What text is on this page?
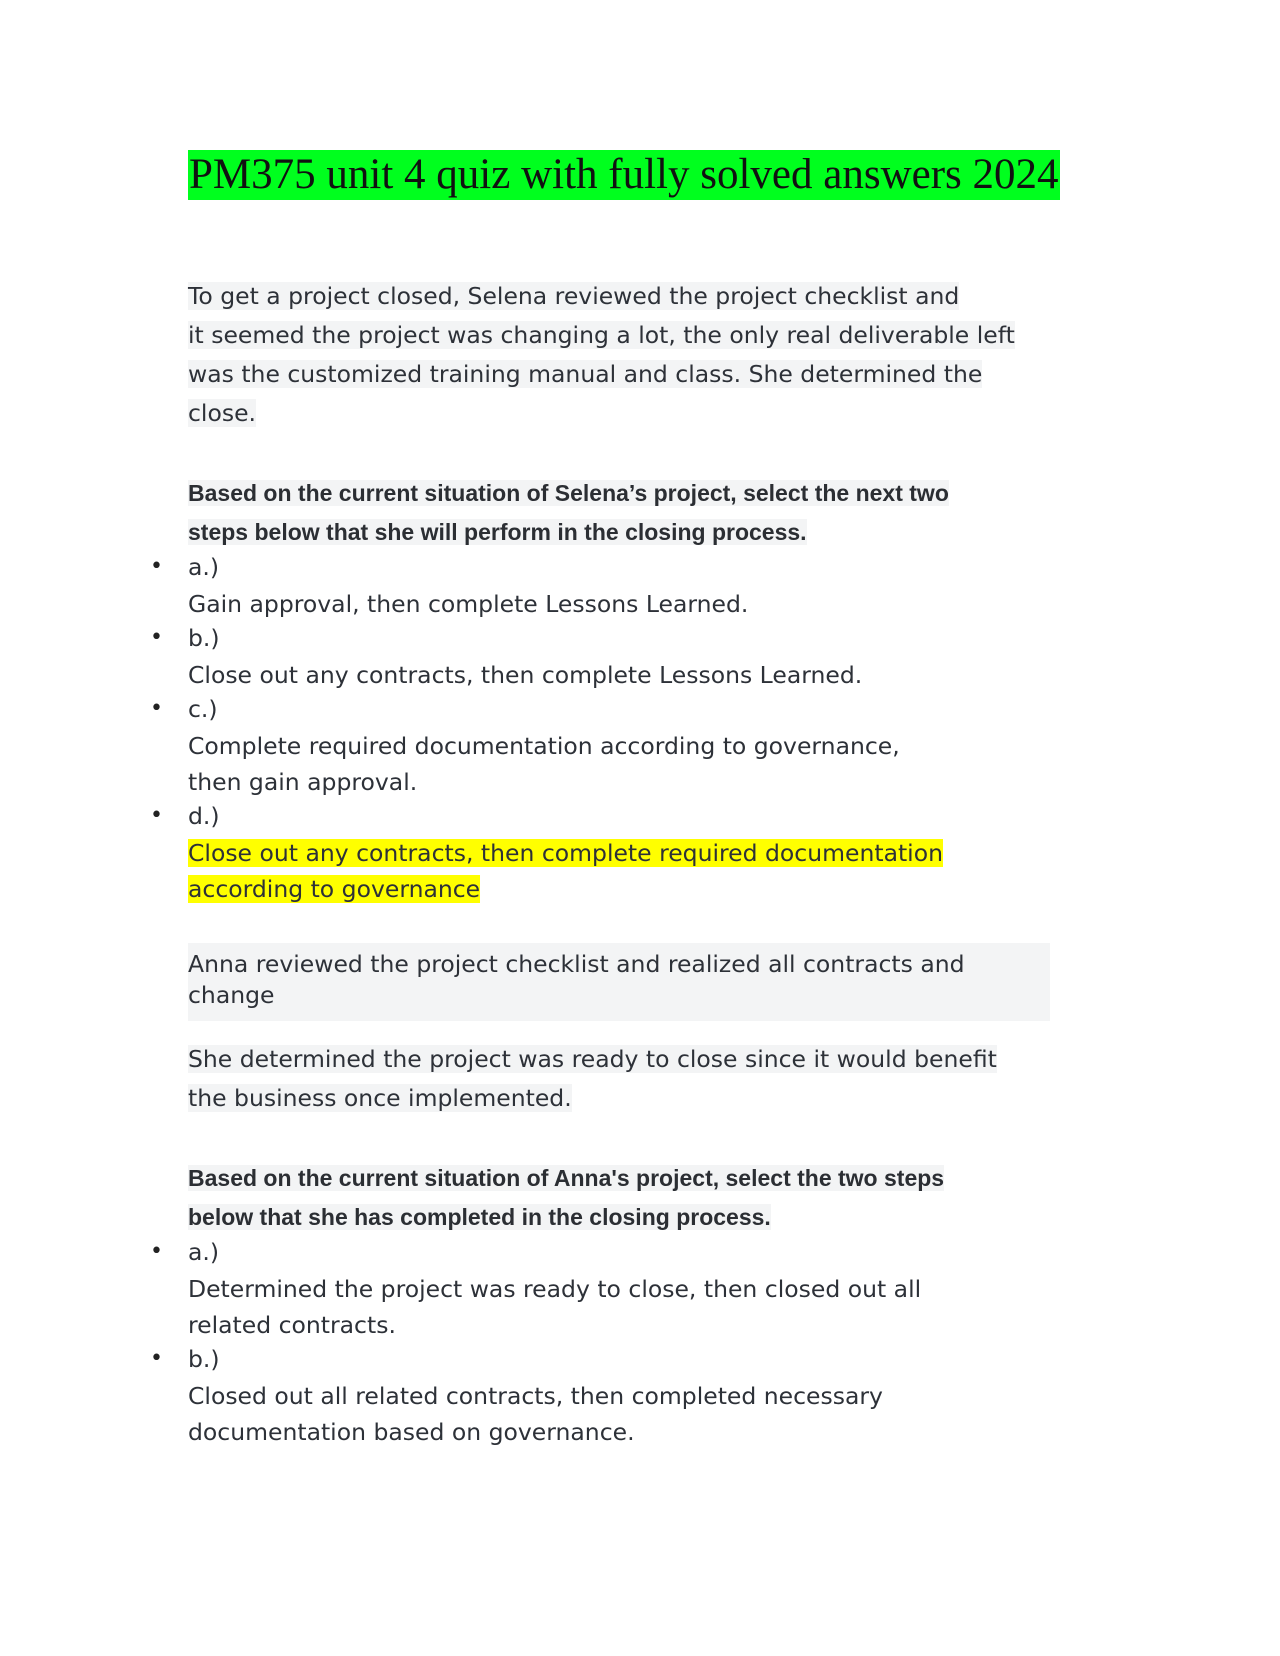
PM375 unit 4 quiz with fully solved answers 2024
To get a project closed, Selena reviewed the project checklist and
it seemed the project was changing a lot, the only real deliverable left
was the customized training manual and class. She determined the
close.
Based on the current situation of Selena’s project, select the next two
steps below that she will perform in the closing process.
• a.)
Gain approval, then complete Lessons Learned.
• b.)
Close out any contracts, then complete Lessons Learned.
• c.)
Complete required documentation according to governance,
then gain approval.
• d.)
Close out any contracts, then complete required documentation
according to governance
Anna reviewed the project checklist and realized all contracts and
change
She determined the project was ready to close since it would benefit
the business once implemented.
Based on the current situation of Anna's project, select the two steps
below that she has completed in the closing process.
• a.)
Determined the project was ready to close, then closed out all
related contracts.
• b.)
Closed out all related contracts, then completed necessary
documentation based on governance.
